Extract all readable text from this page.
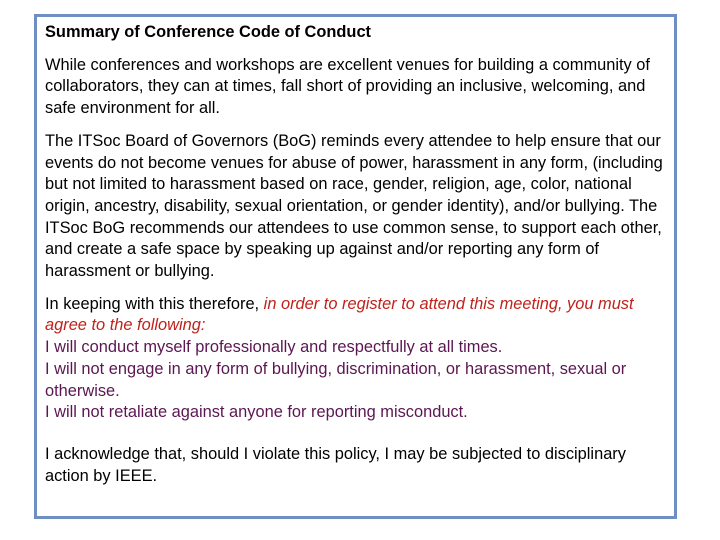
Summary of Conference Code of Conduct

While conferences and workshops are excellent venues for building a community of collaborators, they can at times, fall short of providing an inclusive, welcoming, and safe environment for all.

The ITSoc Board of Governors (BoG) reminds every attendee to help ensure that our events do not become venues for abuse of power, harassment in any form, (including but not limited to harassment based on race, gender, religion, age, color, national origin, ancestry, disability, sexual orientation, or gender identity), and/or bullying. The ITSoc BoG recommends our attendees to use common sense, to support each other, and create a safe space by speaking up against and/or reporting any form of harassment or bullying.

In keeping with this therefore, in order to register to attend this meeting, you must agree to the following:
I will conduct myself professionally and respectfully at all times.
I will not engage in any form of bullying, discrimination, or harassment, sexual or otherwise.
I will not retaliate against anyone for reporting misconduct.

I acknowledge that, should I violate this policy, I may be subjected to disciplinary action by IEEE.
